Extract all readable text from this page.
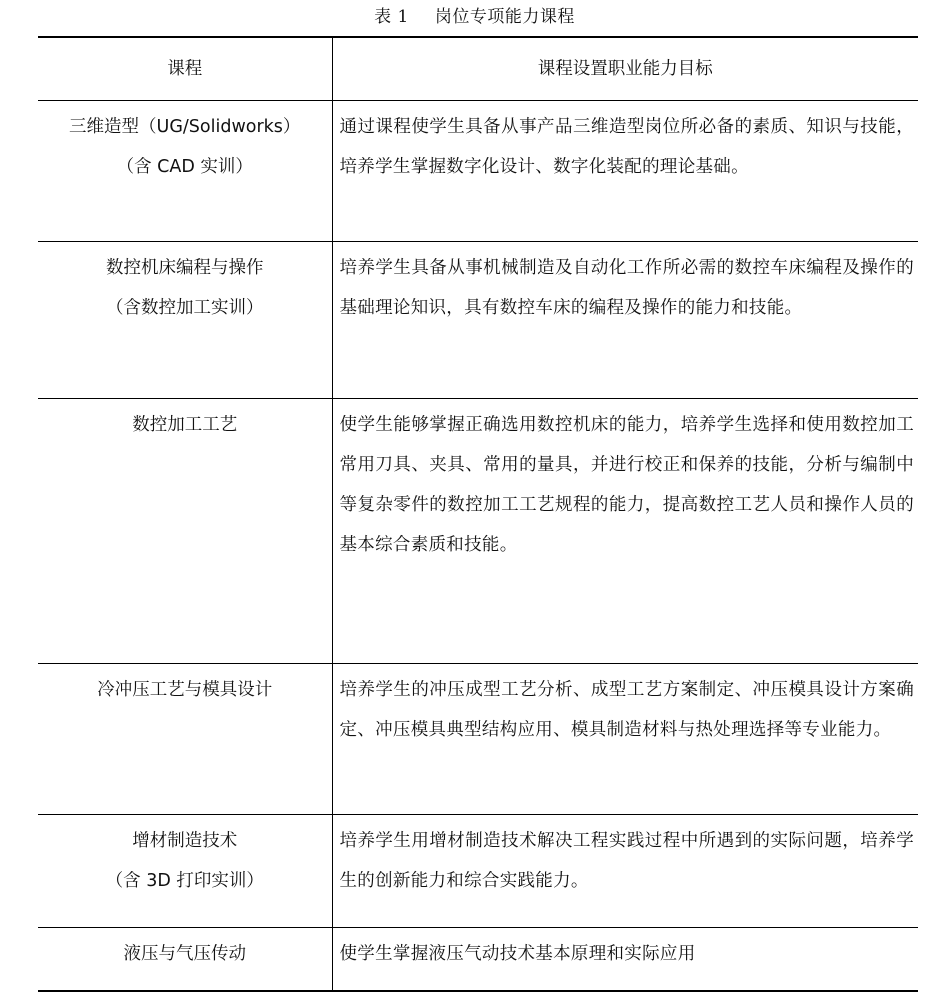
表 1 岗位专项能力课程
课程	课程设置职业能力目标

三维造型（UG/Solidworks）
（含 CAD 实训）	通过课程使学生具备从事产品三维造型岗位所必备的素质、知识与技能，培养学生掌握数字化设计、数字化装配的理论基础。

数控机床编程与操作
（含数控加工实训）	培养学生具备从事机械制造及自动化工作所必需的数控车床编程及操作的基础理论知识，具有数控车床的编程及操作的能力和技能。

数控加工工艺	使学生能够掌握正确选用数控机床的能力，培养学生选择和使用数控加工常用刀具、夹具、常用的量具，并进行校正和保养的技能，分析与编制中等复杂零件的数控加工工艺规程的能力，提高数控工艺人员和操作人员的基本综合素质和技能。

冷冲压工艺与模具设计	培养学生的冲压成型工艺分析、成型工艺方案制定、冲压模具设计方案确定、冲压模具典型结构应用、模具制造材料与热处理选择等专业能力。

增材制造技术
（含 3D 打印实训）	培养学生用增材制造技术解决工程实践过程中所遇到的实际问题，培养学生的创新能力和综合实践能力。

液压与气压传动	使学生掌握液压气动技术基本原理和实际应用
